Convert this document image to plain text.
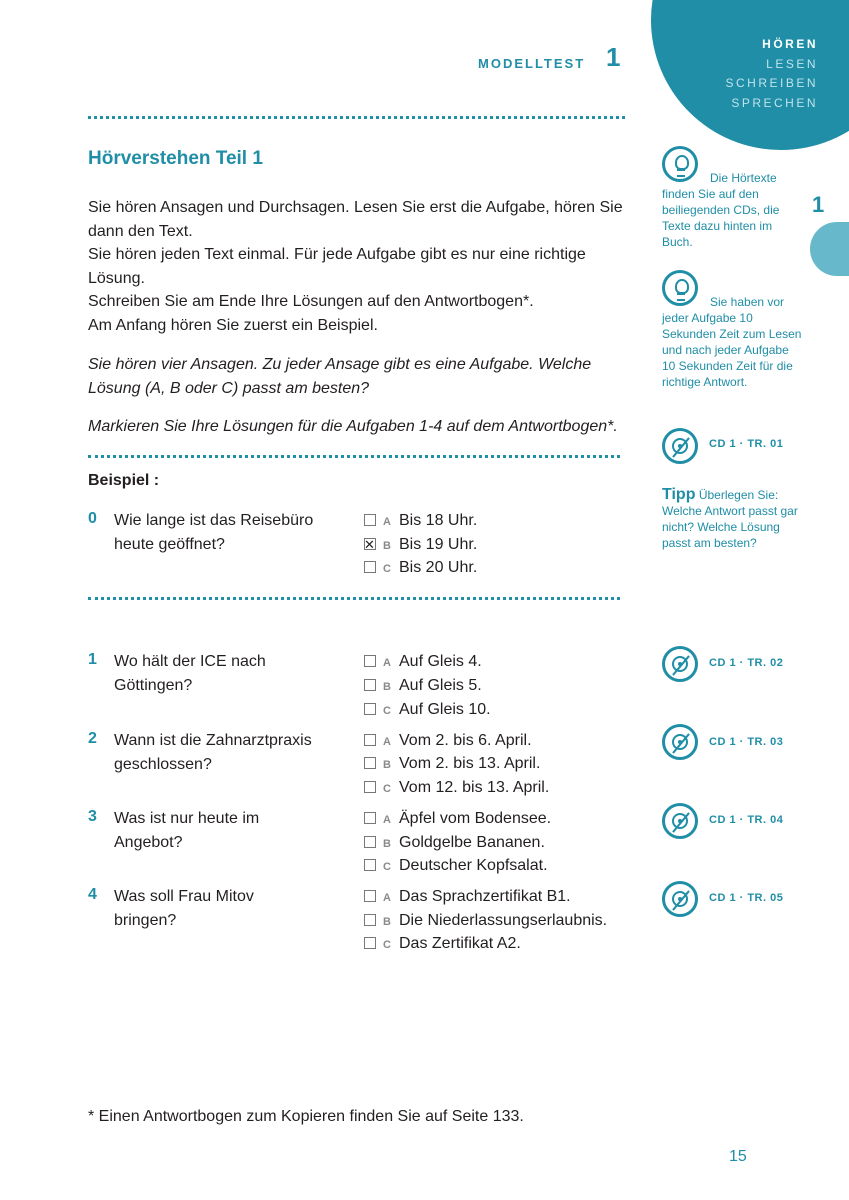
HÖREN
LESEN
SCHREIBEN
SPRECHEN
MODELLTEST 1
1
Hörverstehen Teil 1
Sie hören Ansagen und Durchsagen. Lesen Sie erst die Aufgabe, hören Sie dann den Text.
Sie hören jeden Text einmal. Für jede Aufgabe gibt es nur eine richtige Lösung.
Schreiben Sie am Ende Ihre Lösungen auf den Antwortbogen*.
Am Anfang hören Sie zuerst ein Beispiel.
Sie hören vier Ansagen. Zu jeder Ansage gibt es eine Aufgabe. Welche Lösung (A, B oder C) passt am besten?
Markieren Sie Ihre Lösungen für die Aufgaben 1-4 auf dem Antwortbogen*.
Beispiel :
0 Wie lange ist das Reisebüro heute geöffnet?
A Bis 18 Uhr.
✕B Bis 19 Uhr.
C Bis 20 Uhr.
1 Wo hält der ICE nach Göttingen?
A Auf Gleis 4.
B Auf Gleis 5.
C Auf Gleis 10.
2 Wann ist die Zahnarztpraxis geschlossen?
A Vom 2. bis 6. April.
B Vom 2. bis 13. April.
C Vom 12. bis 13. April.
3 Was ist nur heute im Angebot?
A Äpfel vom Bodensee.
B Goldgelbe Bananen.
C Deutscher Kopfsalat.
4 Was soll Frau Mitov bringen?
A Das Sprachzertifikat B1.
B Die Niederlassungserlaubnis.
C Das Zertifikat A2.
Die Hörtexte finden Sie auf den beiliegenden CDs, die Texte dazu hinten im Buch.
Sie haben vor jeder Aufgabe 10 Sekunden Zeit zum Lesen und nach jeder Aufgabe 10 Sekunden Zeit für die richtige Antwort.
CD 1 · TR. 01
Tipp Überlegen Sie: Welche Antwort passt gar nicht? Welche Lösung passt am besten?
CD 1 · TR. 02
CD 1 · TR. 03
CD 1 · TR. 04
CD 1 · TR. 05
* Einen Antwortbogen zum Kopieren finden Sie auf Seite 133.
15
